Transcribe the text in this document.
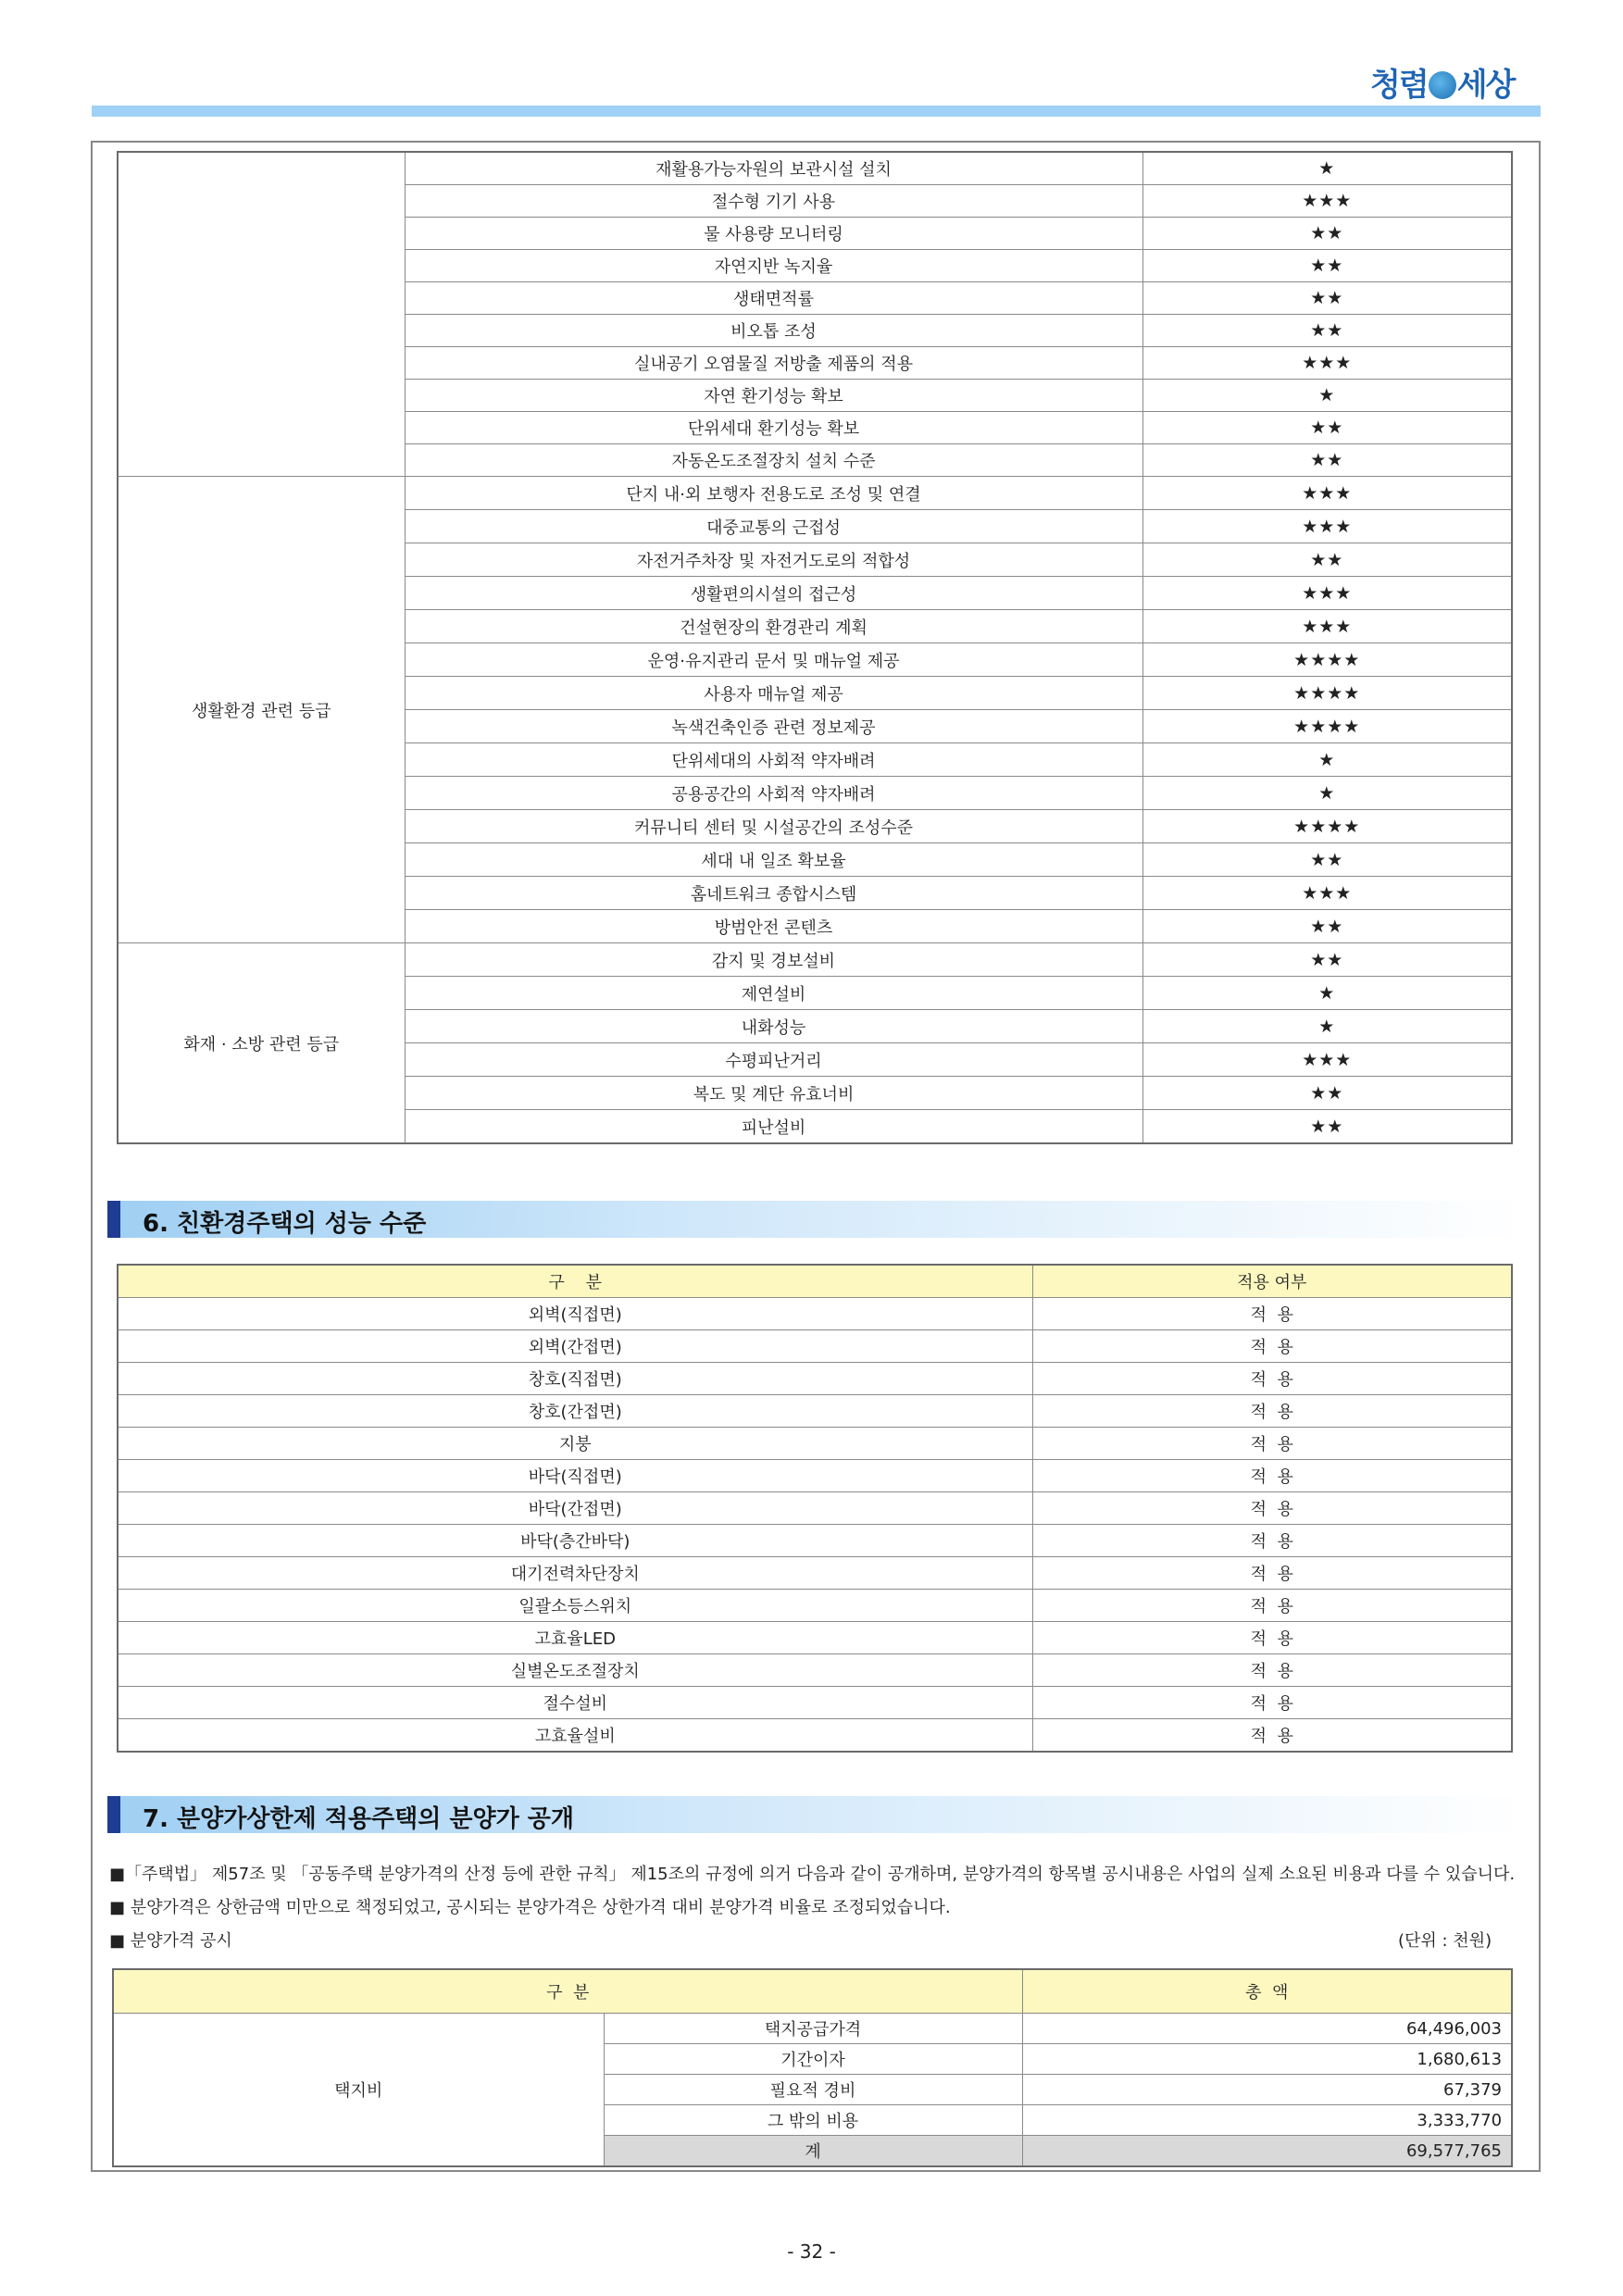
청렴 세상
	재활용가능자원의 보관시설 설치	★
	절수형 기기 사용	★★★
	물 사용량 모니터링	★★
	자연지반 녹지율	★★
	생태면적률	★★
	비오톱 조성	★★
	실내공기 오염물질 저방출 제품의 적용	★★★
	자연 환기성능 확보	★
	단위세대 환기성능 확보	★★
	자동온도조절장치 설치 수준	★★
생활환경 관련 등급	단지 내·외 보행자 전용도로 조성 및 연결	★★★
	대중교통의 근접성	★★★
	자전거주차장 및 자전거도로의 적합성	★★
	생활편의시설의 접근성	★★★
	건설현장의 환경관리 계획	★★★
	운영·유지관리 문서 및 매뉴얼 제공	★★★★
	사용자 매뉴얼 제공	★★★★
	녹색건축인증 관련 정보제공	★★★★
	단위세대의 사회적 약자배려	★
	공용공간의 사회적 약자배려	★
	커뮤니티 센터 및 시설공간의 조성수준	★★★★
	세대 내 일조 확보율	★★
	홈네트워크 종합시스템	★★★
	방범안전 콘텐츠	★★
화재 · 소방 관련 등급	감지 및 경보설비	★★
	제연설비	★
	내화성능	★
	수평피난거리	★★★
	복도 및 계단 유효너비	★★
	피난설비	★★
6. 친환경주택의 성능 수준
구    분	적용 여부
외벽(직접면)	적  용
외벽(간접면)	적  용
창호(직접면)	적  용
창호(간접면)	적  용
지붕	적  용
바닥(직접면)	적  용
바닥(간접면)	적  용
바닥(층간바닥)	적  용
대기전력차단장치	적  용
일괄소등스위치	적  용
고효율LED	적  용
실별온도조절장치	적  용
절수설비	적  용
고효율설비	적  용
7. 분양가상한제 적용주택의 분양가 공개
■「주택법」 제57조 및 「공동주택 분양가격의 산정 등에 관한 규칙」 제15조의 규정에 의거 다음과 같이 공개하며, 분양가격의 항목별 공시내용은 사업의 실제 소요된 비용과 다를 수 있습니다.
■ 분양가격은 상한금액 미만으로 책정되었고, 공시되는 분양가격은 상한가격 대비 분양가격 비율로 조정되었습니다.
■ 분양가격 공시	(단위 : 천원)
구  분		총  액
택지비	택지공급가격	64,496,003
	기간이자	1,680,613
	필요적 경비	67,379
	그 밖의 비용	3,333,770
	계	69,577,765
- 32 -
